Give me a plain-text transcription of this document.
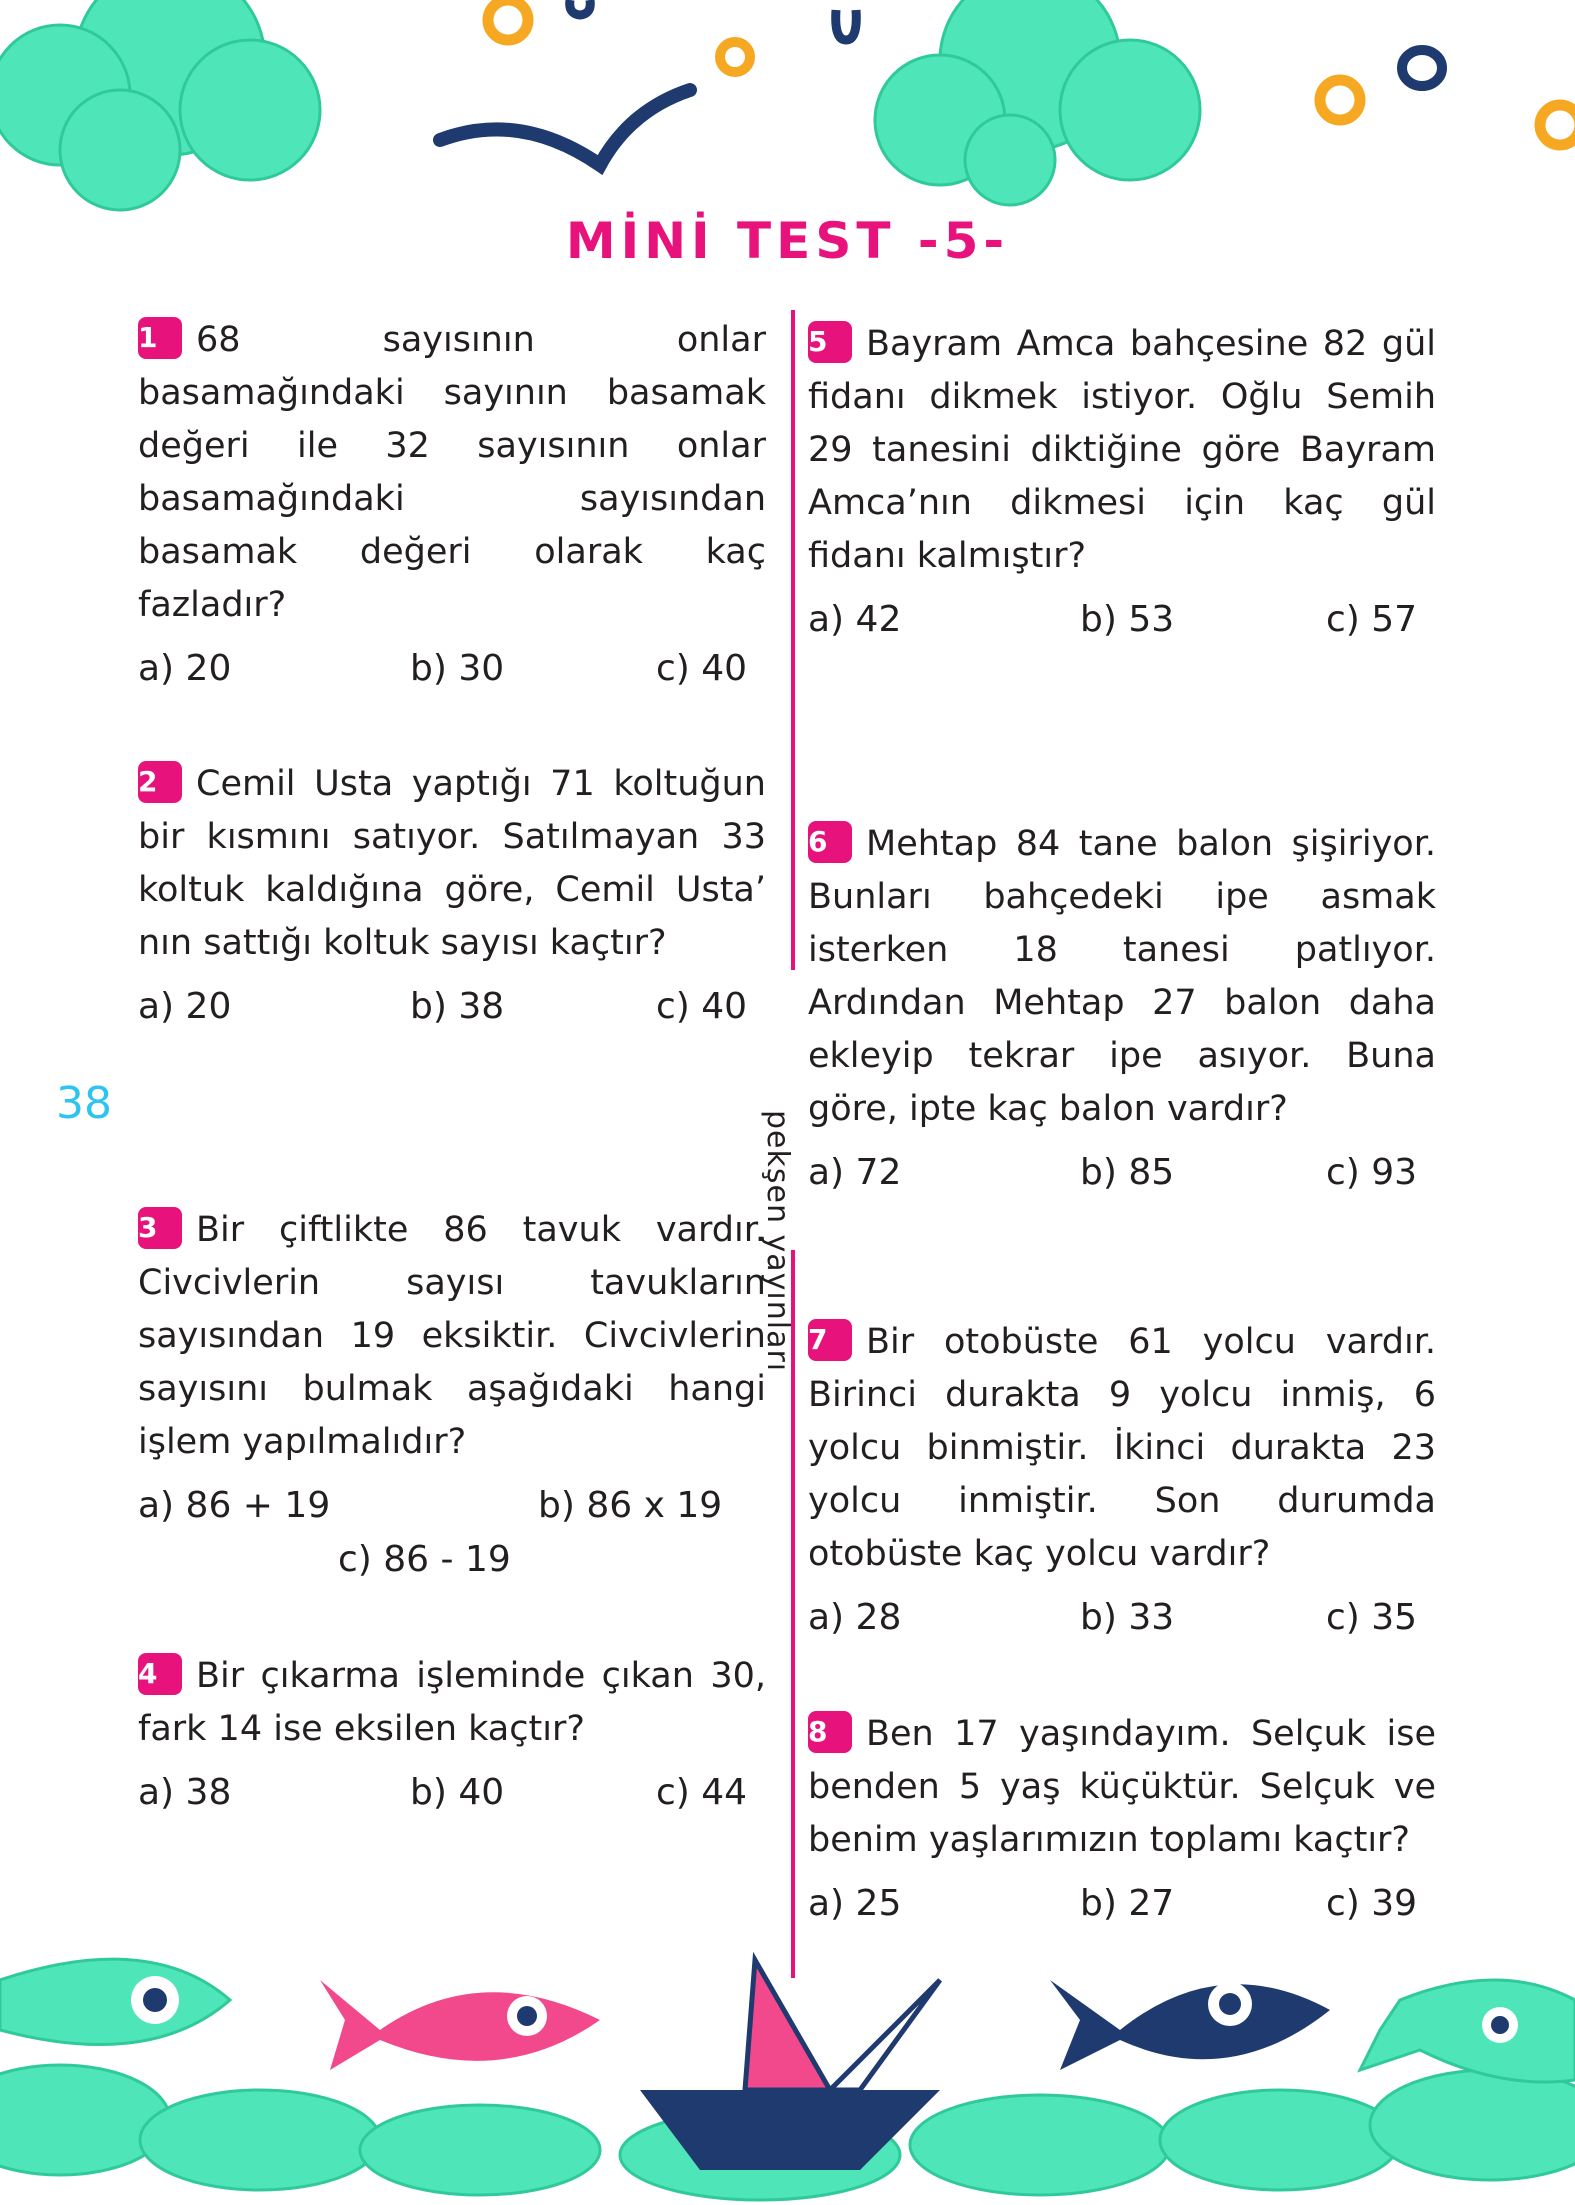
MİNİ TEST -5-
38
pekşen yayınları

1 68 sayısının onlar basamağındaki sayının basamak değeri ile 32 sayısının onlar basamağındaki sayısından basamak değeri olarak kaç fazladır?

a) 20	b) 30	c) 40

2 Cemil Usta yaptığı 71 koltuğun bir kısmını satıyor. Satılmayan 33 koltuk kaldığına göre, Cemil Usta’ nın sattığı koltuk sayısı kaçtır?

a) 20	b) 38	c) 40

3 Bir çiftlikte 86 tavuk vardır. Civcivlerin sayısı tavukların sayısından 19 eksiktir. Civcivlerin sayısını bulmak aşağıdaki hangi işlem yapılmalıdır?

a) 86 + 19	b) 86 x 19
c) 86 - 19

4 Bir çıkarma işleminde çıkan 30, fark 14 ise eksilen kaçtır?

a) 38	b) 40	c) 44

5 Bayram Amca bahçesine 82 gül fidanı dikmek istiyor. Oğlu Semih 29 tanesini diktiğine göre Bayram Amca’nın dikmesi için kaç gül fidanı kalmıştır?

a) 42	b) 53	c) 57

6 Mehtap 84 tane balon şişiriyor. Bunları bahçedeki ipe asmak isterken 18 tanesi patlıyor. Ardından Mehtap 27 balon daha ekleyip tekrar ipe asıyor. Buna göre, ipte kaç balon vardır?

a) 72	b) 85	c) 93

7 Bir otobüste 61 yolcu vardır. Birinci durakta 9 yolcu inmiş, 6 yolcu binmiştir. İkinci durakta 23 yolcu inmiştir. Son durumda otobüste kaç yolcu vardır?

a) 28	b) 33	c) 35

8 Ben 17 yaşındayım. Selçuk ise benden 5 yaş küçüktür. Selçuk ve benim yaşlarımızın toplamı kaçtır?

a) 25	b) 27	c) 39
